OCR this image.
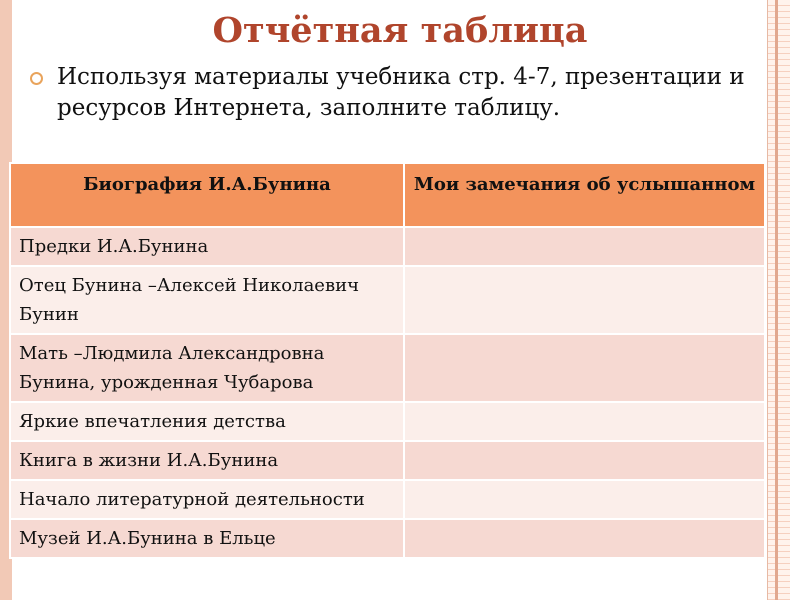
Отчётная таблица
Используя материалы учебника стр. 4-7, презентации и ресурсов Интернета, заполните таблицу.
Биография И.А.Бунина	Мои замечания об услышанном
Предки И.А.Бунина	
Отец Бунина –Алексей Николаевич Бунин	
Мать –Людмила Александровна Бунина, урожденная Чубарова	
Яркие впечатления детства	
Книга в жизни И.А.Бунина	
Начало литературной деятельности	
Музей И.А.Бунина в Ельце	
